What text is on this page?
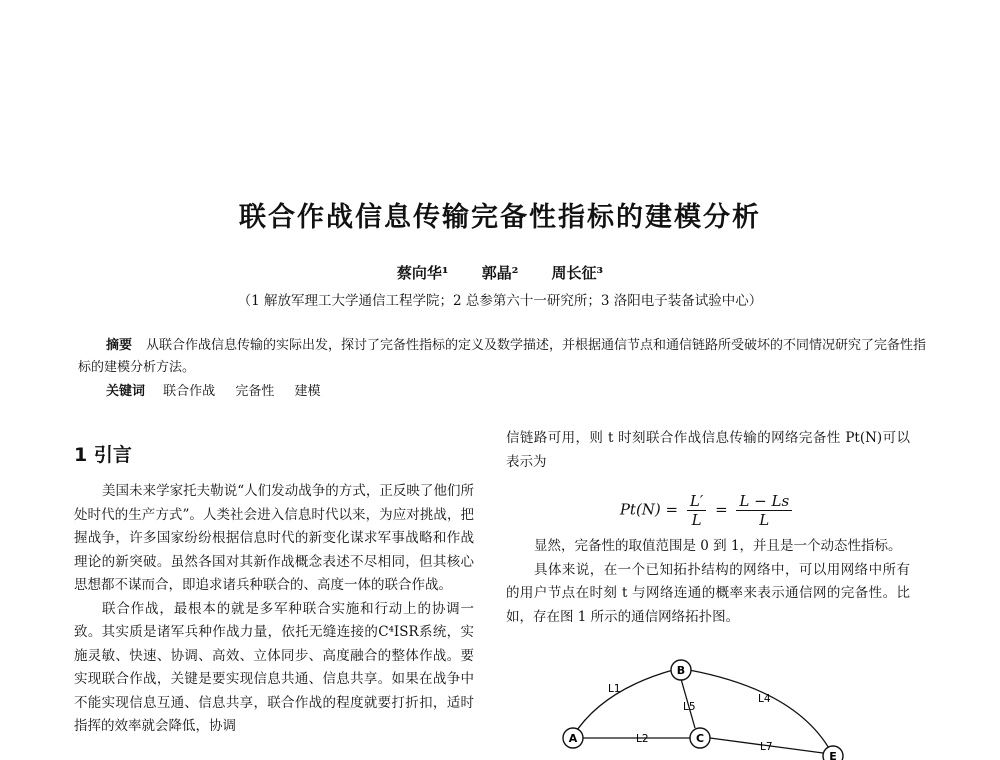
联合作战信息传输完备性指标的建模分析
蔡向华¹ 郭晶² 周长征³
（1 解放军理工大学通信工程学院；2 总参第六十一研究所；3 洛阳电子装备试验中心）
摘要 从联合作战信息传输的实际出发，探讨了完备性指标的定义及数学描述，并根据通信节点和通信链路所受破坏的不同情况研究了完备性指标的建模分析方法。
关键词 联合作战 完备性 建模
1 引言

美国未来学家托夫勒说“人们发动战争的方式，正反映了他们所处时代的生产方式”。人类社会进入信息时代以来，为应对挑战，把握战争，许多国家纷纷根据信息时代的新变化谋求军事战略和作战理论的新突破。虽然各国对其新作战概念表述不尽相同，但其核心思想都不谋而合，即追求诸兵种联合的、高度一体的联合作战。

联合作战，最根本的就是多军种联合实施和行动上的协调一致。其实质是诸军兵种作战力量，依托无缝连接的C⁴ISR系统，实施灵敏、快速、协调、高效、立体同步、高度融合的整体作战。要实现联合作战，关键是要实现信息共通、信息共享。如果在战争中不能实现信息互通、信息共享，联合作战的程度就要打折扣，适时指挥的效率就会降低，协调

信链路可用，则 t 时刻联合作战信息传输的网络完备性 Pt(N)可以表示为

$Pt(N) = \frac{L'}{L} = \frac{L - Ls}{L}$

显然，完备性的取值范围是 0 到 1，并且是一个动态性指标。

具体来说，在一个已知拓扑结构的网络中，可以用网络中所有的用户节点在时刻 t 与网络连通的概率来表示通信网的完备性。比如，存在图 1 所示的通信网络拓扑图。

A
B
C
E
L1
L2
L4
L5
L7
